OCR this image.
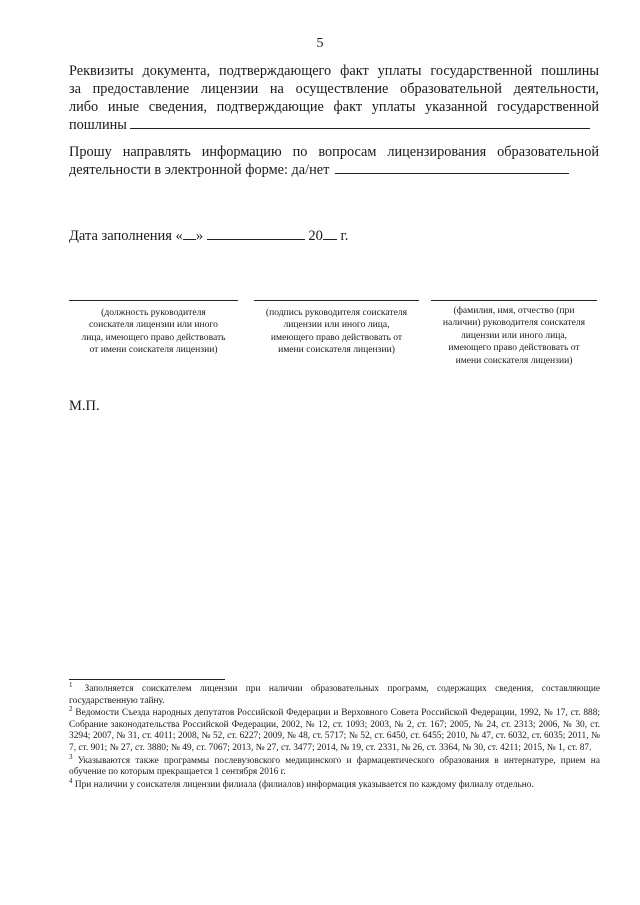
5
Реквизиты документа, подтверждающего факт уплаты государственной пошлины
за предоставление лицензии на осуществление образовательной деятельности,
либо иные сведения, подтверждающие факт уплаты указанной государственной
пошлины
Прошу направлять информацию по вопросам лицензирования образовательной
деятельности в электронной форме: да/нет
Дата заполнения « »	20 г.
(должность руководителя
соискателя лицензии или иного
лица, имеющего право действовать
от имени соискателя лицензии)
(подпись руководителя соискателя
лицензии или иного лица,
имеющего право действовать от
имени соискателя лицензии)
(фамилия, имя, отчество (при
наличии) руководителя соискателя
лицензии или иного лица,
имеющего право действовать от
имени соискателя лицензии)
М.П.
$^1$ Заполняется соискателем лицензии при наличии образовательных программ, содержащих сведения, составляющие государственную тайну.
$^2$ Ведомости Съезда народных депутатов Российской Федерации и Верховного Совета Российской Федерации, 1992, № 17, ст. 888; Собрание законодательства Российской Федерации, 2002, № 12, ст. 1093; 2003, № 2, ст. 167; 2005, № 24, ст. 2313; 2006, № 30, ст. 3294; 2007, № 31, ст. 4011; 2008, № 52, ст. 6227; 2009, № 48, ст. 5717; № 52, ст. 6450, ст. 6455; 2010, № 47, ст. 6032, ст. 6035; 2011, № 7, ст. 901; № 27, ст. 3880; № 49, ст. 7067; 2013, № 27, ст. 3477; 2014, № 19, ст. 2331, № 26, ст. 3364, № 30, ст. 4211; 2015, № 1, ст. 87.
$^3$ Указываются также программы послевузовского медицинского и фармацевтического образования в интернатуре, прием на обучение по которым прекращается 1 сентября 2016 г.
$^4$ При наличии у соискателя лицензии филиала (филиалов) информация указывается по каждому филиалу отдельно.
